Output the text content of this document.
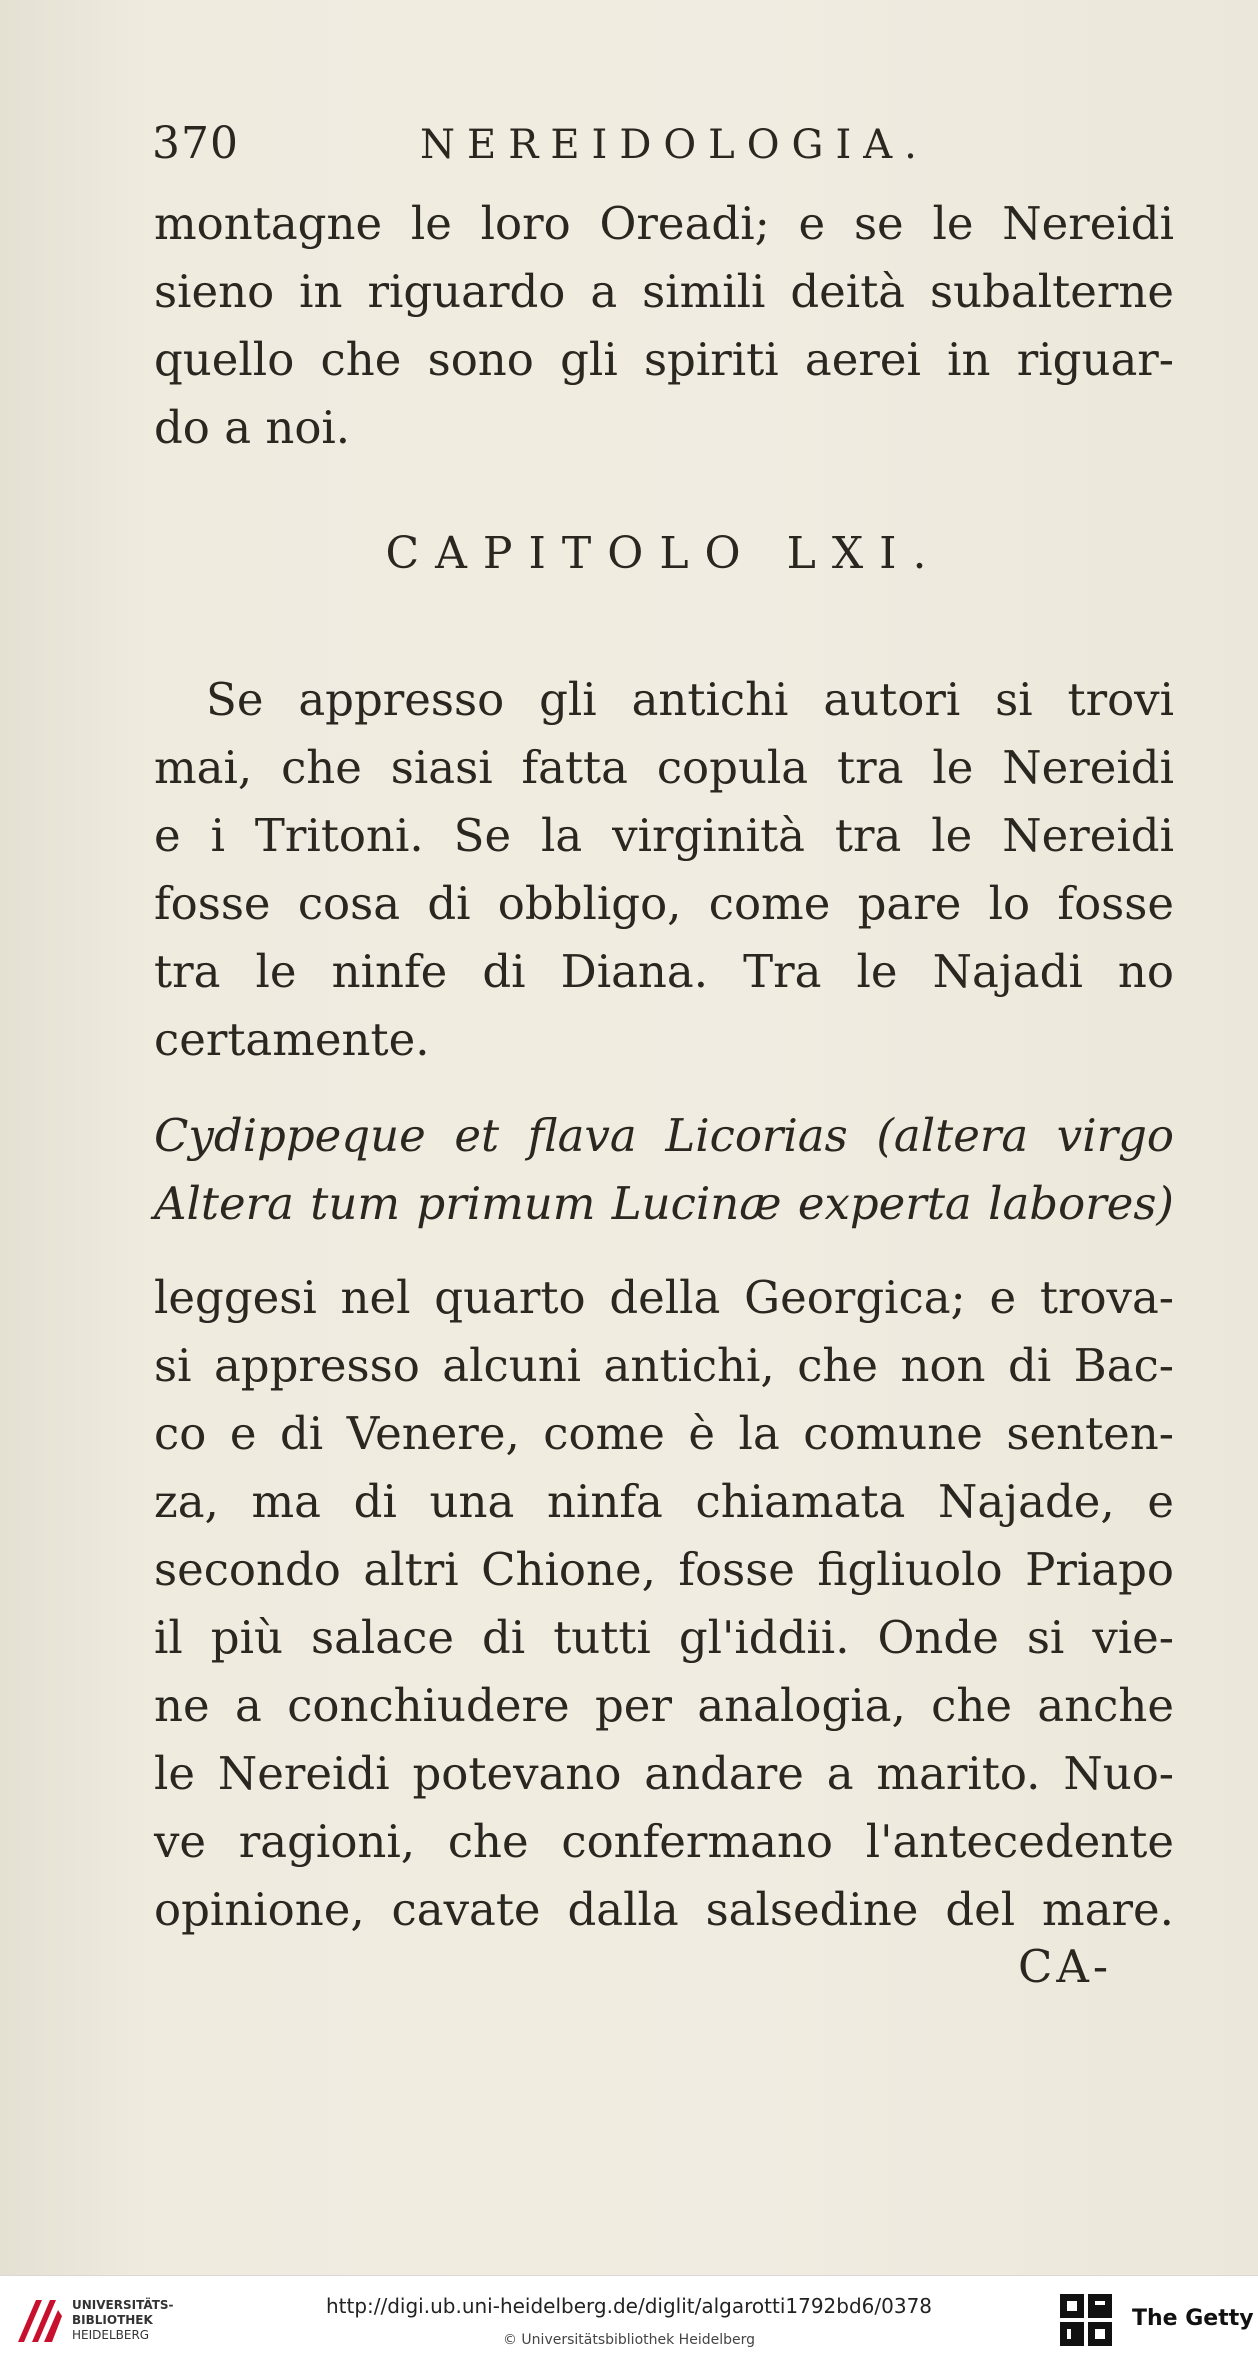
370	NEREIDOLOGIA.
montagne le loro Oreadi; e se le Nereidi
sieno in riguardo a simili deità subalterne
quello che sono gli spiriti aerei in riguar-
do a noi.
CAPITOLO LXI.
Se appresso gli antichi autori si trovi
mai, che siasi fatta copula tra le Nereidi
e i Tritoni. Se la virginità tra le Nereidi
fosse cosa di obbligo, come pare lo fosse
tra le ninfe di Diana. Tra le Najadi no
certamente.
Cydippeque et flava Licorias (altera virgo
Altera tum primum Lucinæ experta labores)
leggesi nel quarto della Georgica; e trova-
si appresso alcuni antichi, che non di Bac-
co e di Venere, come è la comune senten-
za, ma di una ninfa chiamata Najade, e
secondo altri Chione, fosse figliuolo Priapo
il più salace di tutti gl'iddii. Onde si vie-
ne a conchiudere per analogia, che anche
le Nereidi potevano andare a marito. Nuo-
ve ragioni, che confermano l'antecedente
opinione, cavate dalla salsedine del mare.
CA-
UNIVERSITÄTS-
BIBLIOTHEK
HEIDELBERG
http://digi.ub.uni-heidelberg.de/diglit/algarotti1792bd6/0378
© Universitätsbibliothek Heidelberg
The Getty
